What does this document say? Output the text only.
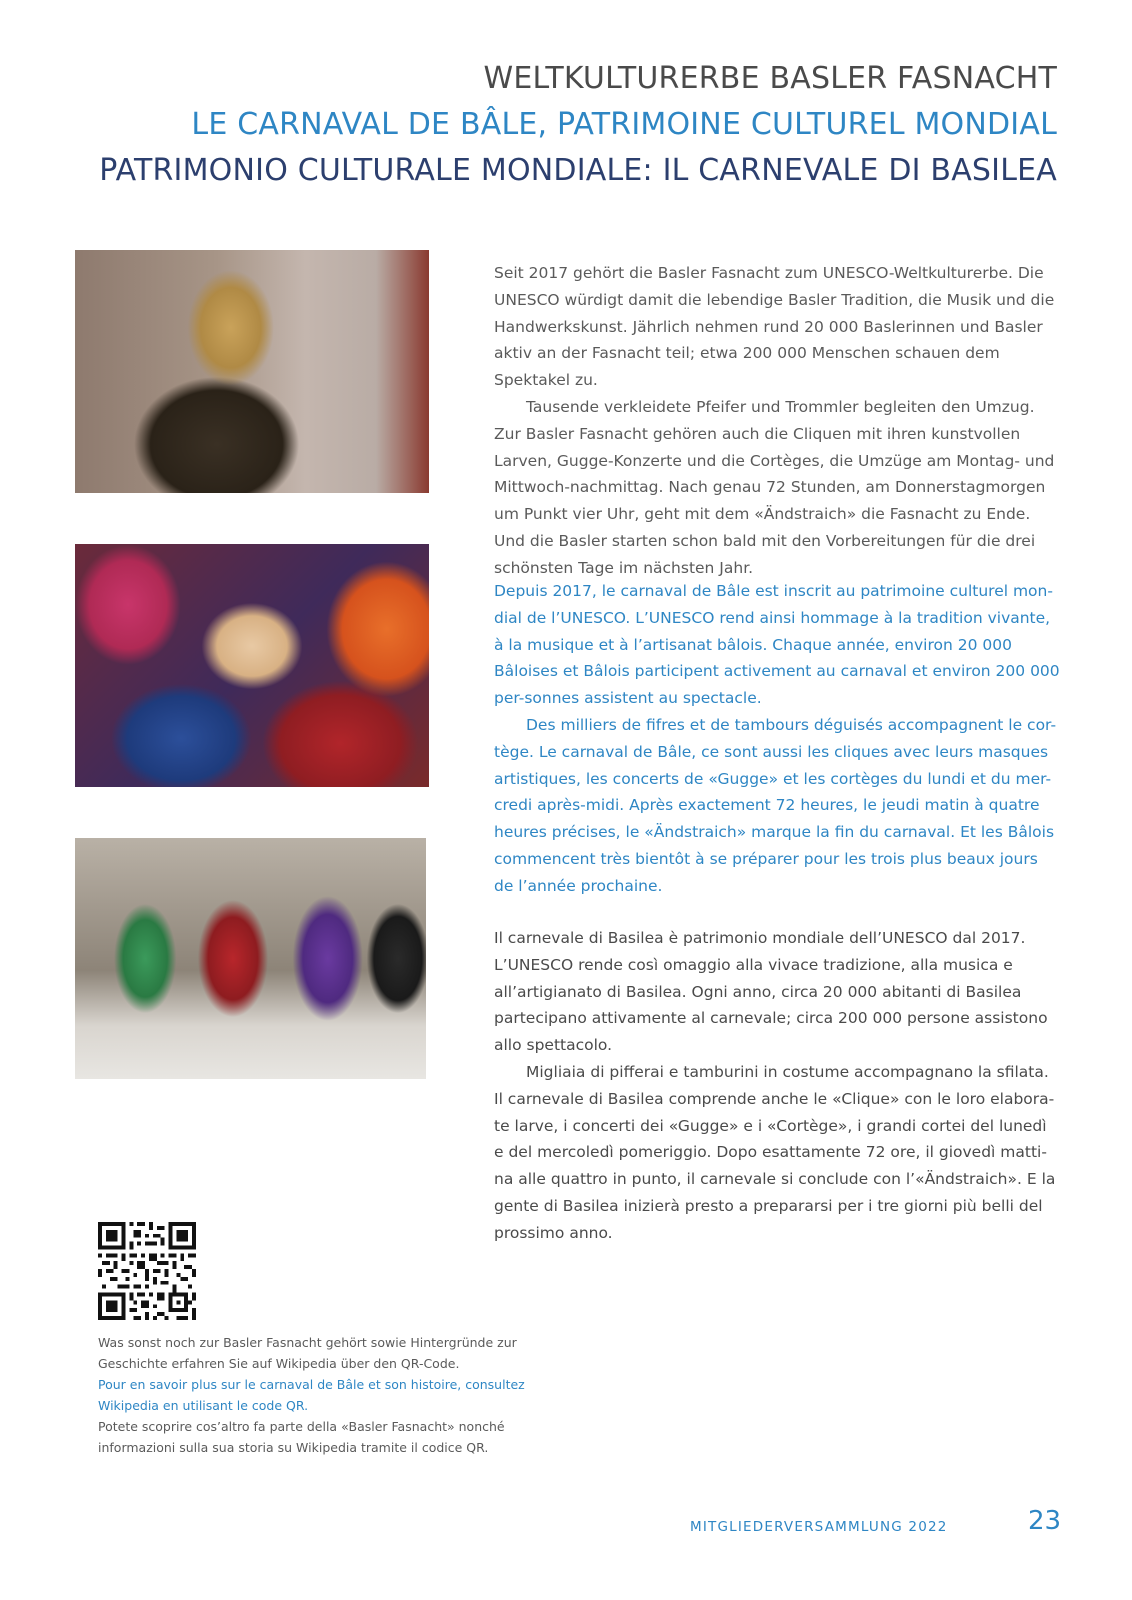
WELTKULTURERBE BASLER FASNACHT
LE CARNAVAL DE BÂLE, PATRIMOINE CULTUREL MONDIAL
PATRIMONIO CULTURALE MONDIALE: IL CARNEVALE DI BASILEA

Seit 2017 gehört die Basler Fasnacht zum UNESCO-Weltkulturerbe. Die UNESCO würdigt damit die lebendige Basler Tradition, die Musik und die Handwerkskunst. Jährlich nehmen rund 20 000 Baslerinnen und Basler aktiv an der Fasnacht teil; etwa 200 000 Menschen schauen dem Spektakel zu.

Tausende verkleidete Pfeifer und Trommler begleiten den Umzug.

Zur Basler Fasnacht gehören auch die Cliquen mit ihren kunstvollen Larven, Gugge-Konzerte und die Cortèges, die Umzüge am Montag- und Mittwoch-nachmittag. Nach genau 72 Stunden, am Donnerstagmorgen um Punkt vier Uhr, geht mit dem «Ändstraich» die Fasnacht zu Ende. Und die Basler starten schon bald mit den Vorbereitungen für die drei schönsten Tage im nächsten Jahr.

Depuis 2017, le carnaval de Bâle est inscrit au patrimoine culturel mon-dial de l’UNESCO. L’UNESCO rend ainsi hommage à la tradition vivante, à la musique et à l’artisanat bâlois. Chaque année, environ 20 000 Bâloises et Bâlois participent activement au carnaval et environ 200 000 per-sonnes assistent au spectacle.

Des milliers de fifres et de tambours déguisés accompagnent le cor-tège. Le carnaval de Bâle, ce sont aussi les cliques avec leurs masques artistiques, les concerts de «Gugge» et les cortèges du lundi et du mer-credi après-midi. Après exactement 72 heures, le jeudi matin à quatre heures précises, le «Ändstraich» marque la fin du carnaval. Et les Bâlois commencent très bientôt à se préparer pour les trois plus beaux jours de l’année prochaine.

Il carnevale di Basilea è patrimonio mondiale dell’UNESCO dal 2017. L’UNESCO rende così omaggio alla vivace tradizione, alla musica e all’artigianato di Basilea. Ogni anno, circa 20 000 abitanti di Basilea partecipano attivamente al carnevale; circa 200 000 persone assistono allo spettacolo.

Migliaia di pifferai e tamburini in costume accompagnano la sfilata. Il carnevale di Basilea comprende anche le «Clique» con le loro elabora-te larve, i concerti dei «Gugge» e i «Cortège», i grandi cortei del lunedì e del mercoledì pomeriggio. Dopo esattamente 72 ore, il giovedì matti-na alle quattro in punto, il carnevale si conclude con l’«Ändstraich». E la gente di Basilea inizierà presto a prepararsi per i tre giorni più belli del prossimo anno.

Was sonst noch zur Basler Fasnacht gehört sowie Hintergründe zur Geschichte erfahren Sie auf Wikipedia über den QR-Code.
Pour en savoir plus sur le carnaval de Bâle et son histoire, consultez Wikipedia en utilisant le code QR.
Potete scoprire cos’altro fa parte della «Basler Fasnacht» nonché informazioni sulla sua storia su Wikipedia tramite il codice QR.
MITGLIEDERVERSAMMLUNG 2022	23
